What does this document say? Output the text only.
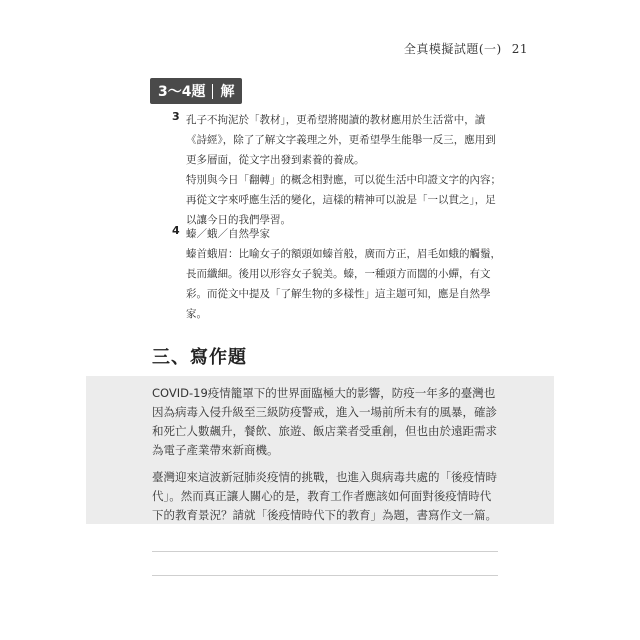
全真模擬試題(一) 21
3～4題 解
3 孔子不拘泥於「教材」，更希望將閱讀的教材應用於生活當中，讀《詩經》，除了了解文字義理之外，更希望學生能舉一反三，應用到更多層面，從文字出發到素養的養成。

特別與今日「翻轉」的概念相對應，可以從生活中印證文字的內容；再從文字來呼應生活的變化，這樣的精神可以說是「一以貫之」，足以讓今日的我們學習。

4 螓／蛾／自然學家

螓首蛾眉：比喻女子的額頭如螓首般，廣而方正，眉毛如蛾的觸鬚，長而纖細。後用以形容女子貌美。螓，一種頭方而闊的小蟬，有文彩。而從文中提及「了解生物的多樣性」這主題可知，應是自然學家。

三、寫作題

COVID-19疫情籠罩下的世界面臨極大的影響，防疫一年多的臺灣也因為病毒入侵升級至三級防疫警戒，進入一場前所未有的風暴，確診和死亡人數飆升，餐飲、旅遊、飯店業者受重創，但也由於遠距需求為電子產業帶來新商機。

臺灣迎來這波新冠肺炎疫情的挑戰，也進入與病毒共處的「後疫情時代」。然而真正讓人關心的是，教育工作者應該如何面對後疫情時代下的教育景況？請就「後疫情時代下的教育」為題，書寫作文一篇。
